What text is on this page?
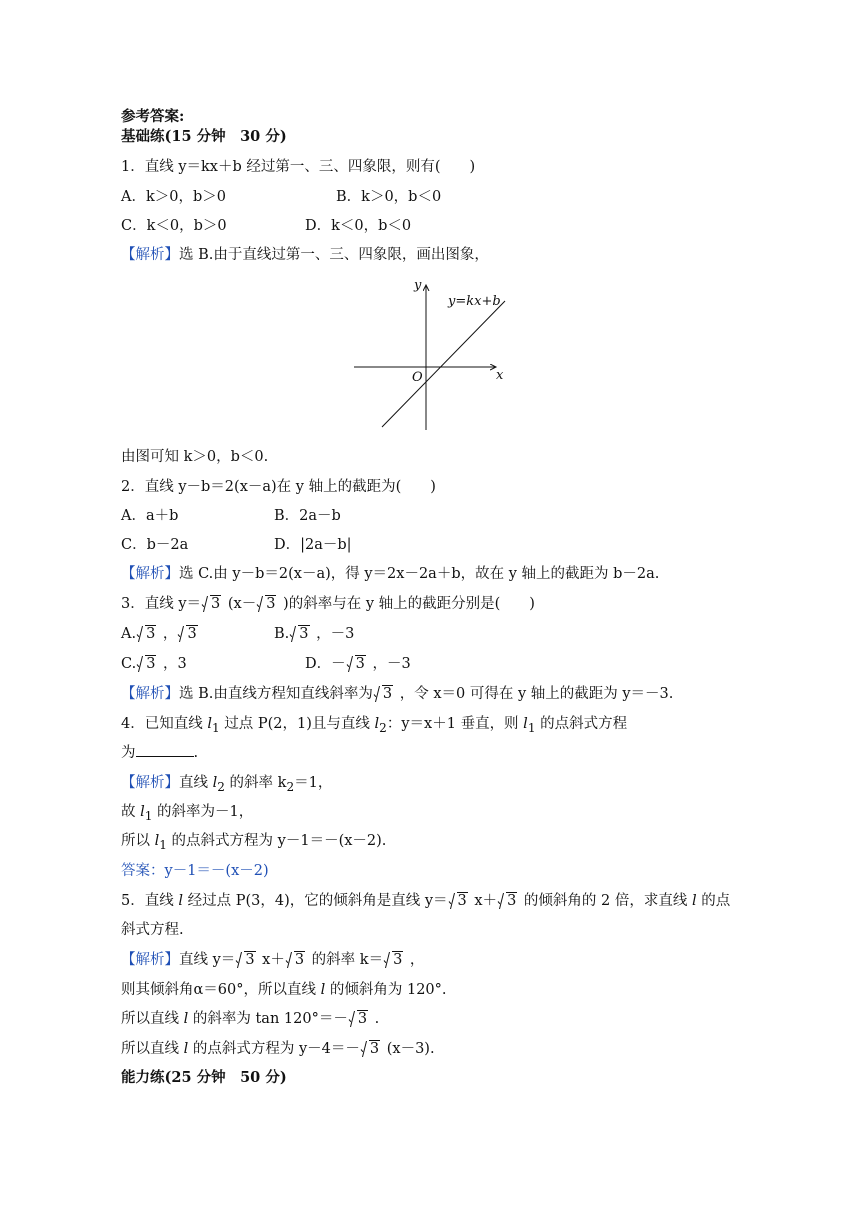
参考答案:
基础练(15 分钟　30 分)
1．直线 y＝kx＋b 经过第一、三、四象限，则有(　　)
A．k＞0，b＞0	B．k＞0，b＜0
C．k＜0，b＞0	D．k＜0，b＜0
【解析】选 B.由于直线过第一、三、四象限，画出图象，
y=kx+b
x
y
O
由图可知 k＞0，b＜0.
2．直线 y－b＝2(x－a)在 y 轴上的截距为(　　)
A．a＋b	B．2a－b
C．b－2a	D．|2a－b|
【解析】选 C.由 y－b＝2(x－a)，得 y＝2x－2a＋b，故在 y 轴上的截距为 b－2a.
3．直线 y＝ 3 (x－ 3 )的斜率与在 y 轴上的截距分别是(　　)
A. 3 ， 3	B. 3 ，－3
C. 3 ，3	D．－ 3 ，－3
【解析】选 B.由直线方程知直线斜率为 3 ，令 x＝0 可得在 y 轴上的截距为 y＝－3.
4．已知直线 $l_1$ 过点 P(2，1)且与直线 $l_2$：y＝x＋1 垂直，则 $l_1$ 的点斜式方程
为	.
【解析】直线 $l_2$ 的斜率 $k_2=1$，
故 $l_1$ 的斜率为－1，
所以 $l_1$ 的点斜式方程为 y－1＝－(x－2).
答案：y－1＝－(x－2)
5．直线 l 经过点 P(3，4)，它的倾斜角是直线 y＝ 3 x＋ 3 的倾斜角的 2 倍，求直线 l 的点
斜式方程.
【解析】直线 y＝ 3 x＋ 3 的斜率 k＝ 3 ，
则其倾斜角α＝60°，所以直线 l 的倾斜角为 120°.
所以直线 l 的斜率为 tan 120°＝－ 3 .
所以直线 l 的点斜式方程为 y－4＝－ 3 (x－3).
能力练(25 分钟　50 分)
